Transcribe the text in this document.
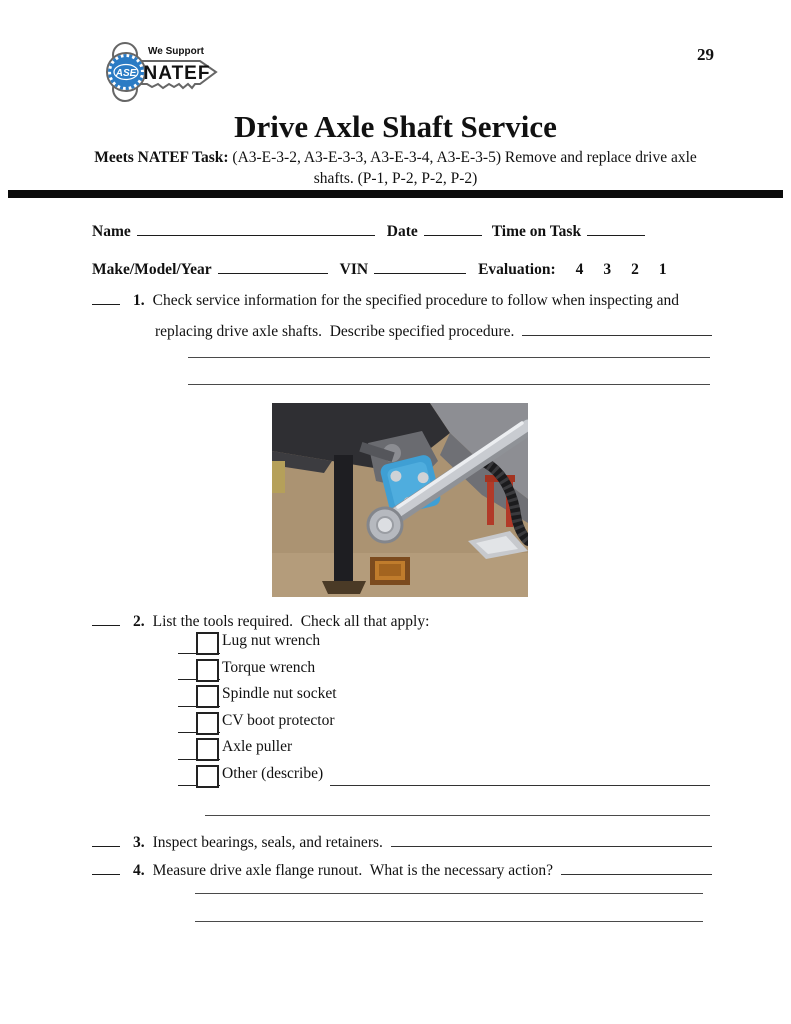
ASE
We Support
NATEF
29
Drive Axle Shaft Service
Meets NATEF Task: (A3-E-3-2, A3-E-3-3, A3-E-3-4, A3-E-3-5) Remove and replace drive axle
shafts. (P-1, P-2, P-2, P-2)
Name	Date	Time on Task
Make/Model/Year	VIN	Evaluation: 4 3 2 1
1. Check service information for the specified procedure to follow when inspecting and
replacing drive axle shafts.  Describe specified procedure.
2. List the tools required.  Check all that apply:
Lug nut wrench
Torque wrench
Spindle nut socket
CV boot protector
Axle puller
Other (describe)
3. Inspect bearings, seals, and retainers.
4. Measure drive axle flange runout.  What is the necessary action?
